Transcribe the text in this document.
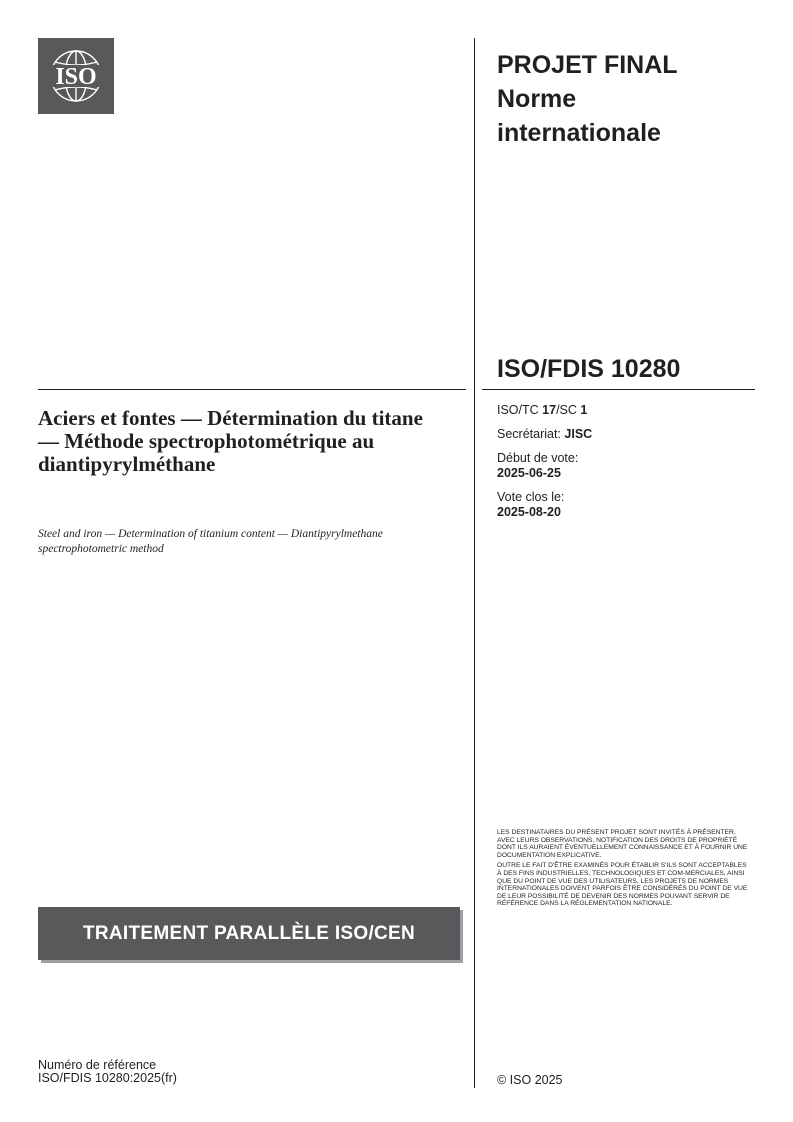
ISO	PROJET FINAL
Norme
internationale
ISO/FDIS 10280
Aciers et fontes — Détermination du titane — Méthode spectrophotométrique au diantipyrylméthane
Steel and iron — Determination of titanium content — Diantipyrylmethane spectrophotometric method
ISO/TC 17/SC 1
Secrétariat: JISC
Début de vote:
2025-06-25
Vote clos le:
2025-08-20
TRAITEMENT PARALLÈLE ISO/CEN

LES DESTINATAIRES DU PRÉSENT PROJET SONT INVITÉS À PRÉSENTER, AVEC LEURS OBSERVATIONS, NOTIFICATION DES DROITS DE PROPRIÉTÉ DONT ILS AURAIENT ÉVENTUELLEMENT CONNAISSANCE ET À FOURNIR UNE DOCUMENTATION EXPLICATIVE.

OUTRE LE FAIT D'ÊTRE EXAMINÉS POUR ÉTABLIR S'ILS SONT ACCEPTABLES À DES FINS INDUSTRIELLES, TECHNOLOGIQUES ET COM-MERCIALES, AINSI QUE DU POINT DE VUE DES UTILISATEURS, LES PROJETS DE NORMES INTERNATIONALES DOIVENT PARFOIS ÊTRE CONSIDÉRÉS DU POINT DE VUE DE LEUR POSSIBILITÉ DE DEVENIR DES NORMES POUVANT SERVIR DE RÉFÉRENCE DANS LA RÉGLEMENTATION NATIONALE.

Numéro de référence
ISO/FDIS 10280:2025(fr)	© ISO 2025
